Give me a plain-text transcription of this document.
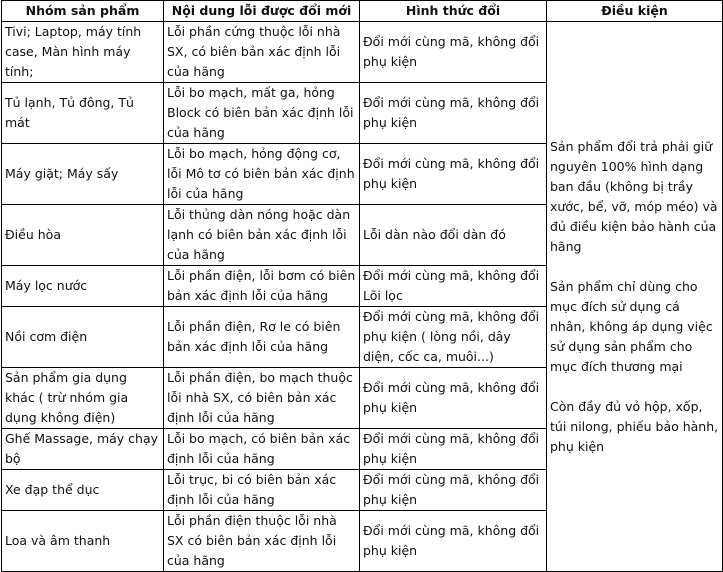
Nhóm sản phẩm	Nội dung lỗi được đổi mới	Hình thức đổi	Điều kiện
Tivi; Laptop, máy tính case, Màn hình máy tính;	Lỗi phần cứng thuộc lỗi nhà SX, có biên bản xác định lỗi của hãng	Đổi mới cùng mã, không đổi phụ kiện	Sản phẩm đổi trả phải giữ nguyên 100% hình dạng ban đầu (không bị trầy xước, bể, vỡ, móp méo) và đủ điều kiện bảo hành của hãng

Sản phẩm chỉ dùng cho mục đích sử dụng cá nhân, không áp dụng việc sử dụng sản phẩm cho mục đích thương mại

Còn đầy đủ vỏ hộp, xốp, túi nilong, phiếu bảo hành, phụ kiện

Tủ lạnh, Tủ đông, Tủ mát	Lỗi bo mạch, mất ga, hỏng Block có biên bản xác định lỗi của hãng	Đổi mới cùng mã, không đổi phụ kiện	
Máy giặt; Máy sấy	Lỗi bo mạch, hỏng động cơ, lỗi Mô tơ có biên bản xác định lỗi của hãng	Đổi mới cùng mã, không đổi phụ kiện	
Điều hòa	Lỗi thủng dàn nóng hoặc dàn lạnh có biên bản xác định lỗi của hãng	Lỗi dàn nào đổi dàn đó	
Máy lọc nước	Lỗi phần điện, lỗi bơm có biên bản xác định lỗi của hãng	Đổi mới cùng mã, không đổi Lõi lọc	
Nồi cơm điện	Lỗi phần điện, Rơ le có biên bản xác định lỗi của hãng	Đổi mới cùng mã, không đổi phụ kiện ( lòng nồi, dây diện, cốc ca, muôi...)	
Sản phẩm gia dụng khác ( trừ nhóm gia dụng không điện)	Lỗi phần điện, bo mạch thuộc lỗi nhà SX, có biên bản xác định lỗi của hãng	Đổi mới cùng mã, không đổi phụ kiện	
Ghế Massage, máy chạy bộ	Lỗi bo mạch, có biên bản xác định lỗi của hãng	Đổi mới cùng mã, không đổi phụ kiện	
Xe đạp thể dục	Lỗi trục, bi có biên bản xác định lỗi của hãng	Đổi mới cùng mã, không đổi phụ kiện	
Loa và âm thanh	Lỗi phần điện thuộc lỗi nhà SX có biên bản xác định lỗi của hãng	Đổi mới cùng mã, không đổi phụ kiện	
